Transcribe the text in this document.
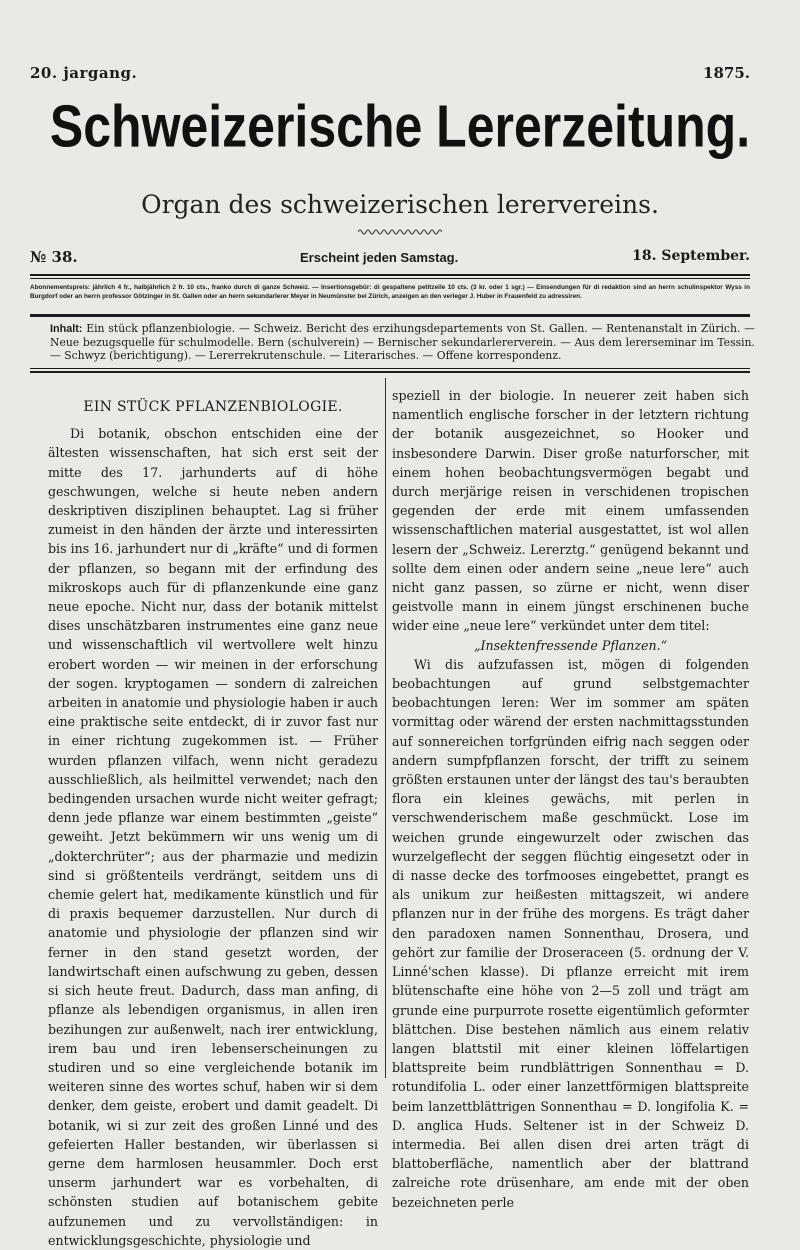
20. jargang.	1875.
Schweizerische Lererzeitung.
Organ des schweizerischen lerervereins.
№ 38.	Erscheint jeden Samstag.	18. September.
Abonnementspreis: jährlich 4 fr., halbjährlich 2 fr. 10 cts., franko durch di ganze Schweiz. — Insertionsgebür: di gespaltene petitzeile 10 cts. (3 kr. oder 1 sgr.) — Einsendungen für di redaktion sind an herrn schulinspektor Wyss in Burgdorf oder an herrn professor Götzinger in St. Gallen oder an herrn sekundarlerer Meyer in Neumünster bei Zürich, anzeigen an den verleger J. Huber in Frauenfeld zu adressiren.
Inhalt: Ein stück pflanzenbiologie. — Schweiz. Bericht des erzihungsdepartements von St. Gallen. — Rentenanstalt in Zürich. — Neue bezugsquelle für schulmodelle. Bern (schulverein) — Bernischer sekundarlererverein. — Aus dem lererseminar im Tessin. — Schwyz (berichtigung). — Lererrekrutenschule. — Literarisches. — Offene korrespondenz.
EIN STÜCK PFLANZENBIOLOGIE.

Di botanik, obschon entschiden eine der ältesten wissenschaften, hat sich erst seit der mitte des 17. jarhunderts auf di höhe geschwungen, welche si heute neben andern deskriptiven disziplinen behauptet. Lag si früher zumeist in den händen der ärzte und interessirten bis ins 16. jarhundert nur di „kräfte“ und di formen der pflanzen, so begann mit der erfindung des mikroskops auch für di pflanzenkunde eine ganz neue epoche. Nicht nur, dass der botanik mittelst dises unschätzbaren instrumentes eine ganz neue und wissenschaftlich vil wertvollere welt hinzu erobert worden — wir meinen in der erforschung der sogen. kryptogamen — sondern di zalreichen arbeiten in anatomie und physiologie haben ir auch eine praktische seite entdeckt, di ir zuvor fast nur in einer richtung zugekommen ist. — Früher wurden pflanzen vilfach, wenn nicht geradezu ausschließlich, als heilmittel verwendet; nach den bedingenden ursachen wurde nicht weiter gefragt; denn jede pflanze war einem bestimmten „geiste“ geweiht. Jetzt bekümmern wir uns wenig um di „dokterchrüter“; aus der pharmazie und medizin sind si größtenteils verdrängt, seitdem uns di chemie gelert hat, medikamente künstlich und für di praxis bequemer darzustellen. Nur durch di anatomie und physiologie der pflanzen sind wir ferner in den stand gesetzt worden, der landwirtschaft einen aufschwung zu geben, dessen si sich heute freut. Dadurch, dass man anfing, di pflanze als lebendigen organismus, in allen iren bezihungen zur außenwelt, nach irer entwicklung, irem bau und iren lebenserscheinungen zu studiren und so eine vergleichende botanik im weiteren sinne des wortes schuf, haben wir si dem denker, dem geiste, erobert und damit geadelt. Di botanik, wi si zur zeit des großen Linné und des gefeierten Haller bestanden, wir überlassen si gerne dem harmlosen heusammler. Doch erst unserm jarhundert war es vorbehalten, di schönsten studien auf botanischem gebite aufzunemen und zu vervollständigen: in entwicklungsgeschichte, physiologie und

speziell in der biologie. In neuerer zeit haben sich namentlich englische forscher in der letztern richtung der botanik ausgezeichnet, so Hooker und insbesondere Darwin. Diser große naturforscher, mit einem hohen beobachtungsvermögen begabt und durch merjärige reisen in verschidenen tropischen gegenden der erde mit einem umfassenden wissenschaftlichen material ausgestattet, ist wol allen lesern der „Schweiz. Lererztg.“ genügend bekannt und sollte dem einen oder andern seine „neue lere“ auch nicht ganz passen, so zürne er nicht, wenn diser geistvolle mann in einem jüngst erschinenen buche wider eine „neue lere“ verkündet unter dem titel:

„Insektenfressende Pflanzen.“

Wi dis aufzufassen ist, mögen di folgenden beobachtungen auf grund selbstgemachter beobachtungen leren: Wer im sommer am späten vormittag oder wärend der ersten nachmittagsstunden auf sonnereichen torfgründen eifrig nach seggen oder andern sumpfpflanzen forscht, der trifft zu seinem größten erstaunen unter der längst des tau's beraubten flora ein kleines gewächs, mit perlen in verschwenderischem maße geschmückt. Lose im weichen grunde eingewurzelt oder zwischen das wurzelgeflecht der seggen flüchtig eingesetzt oder in di nasse decke des torfmooses eingebettet, prangt es als unikum zur heißesten mittagszeit, wi andere pflanzen nur in der frühe des morgens. Es trägt daher den paradoxen namen Sonnenthau, Drosera, und gehört zur familie der Droseraceen (5. ordnung der V. Linné'schen klasse). Di pflanze erreicht mit irem blütenschafte eine höhe von 2—5 zoll und trägt am grunde eine purpurrote rosette eigentümlich geformter blättchen. Dise bestehen nämlich aus einem relativ langen blattstil mit einer kleinen löffelartigen blattspreite beim rundblättrigen Sonnenthau = D. rotundifolia L. oder einer lanzettförmigen blattspreite beim lanzettblättrigen Sonnenthau = D. longifolia K. = D. anglica Huds. Seltener ist in der Schweiz D. intermedia. Bei allen disen drei arten trägt di blattoberfläche, namentlich aber der blattrand zalreiche rote drüsenhare, am ende mit der oben bezeichneten perle
